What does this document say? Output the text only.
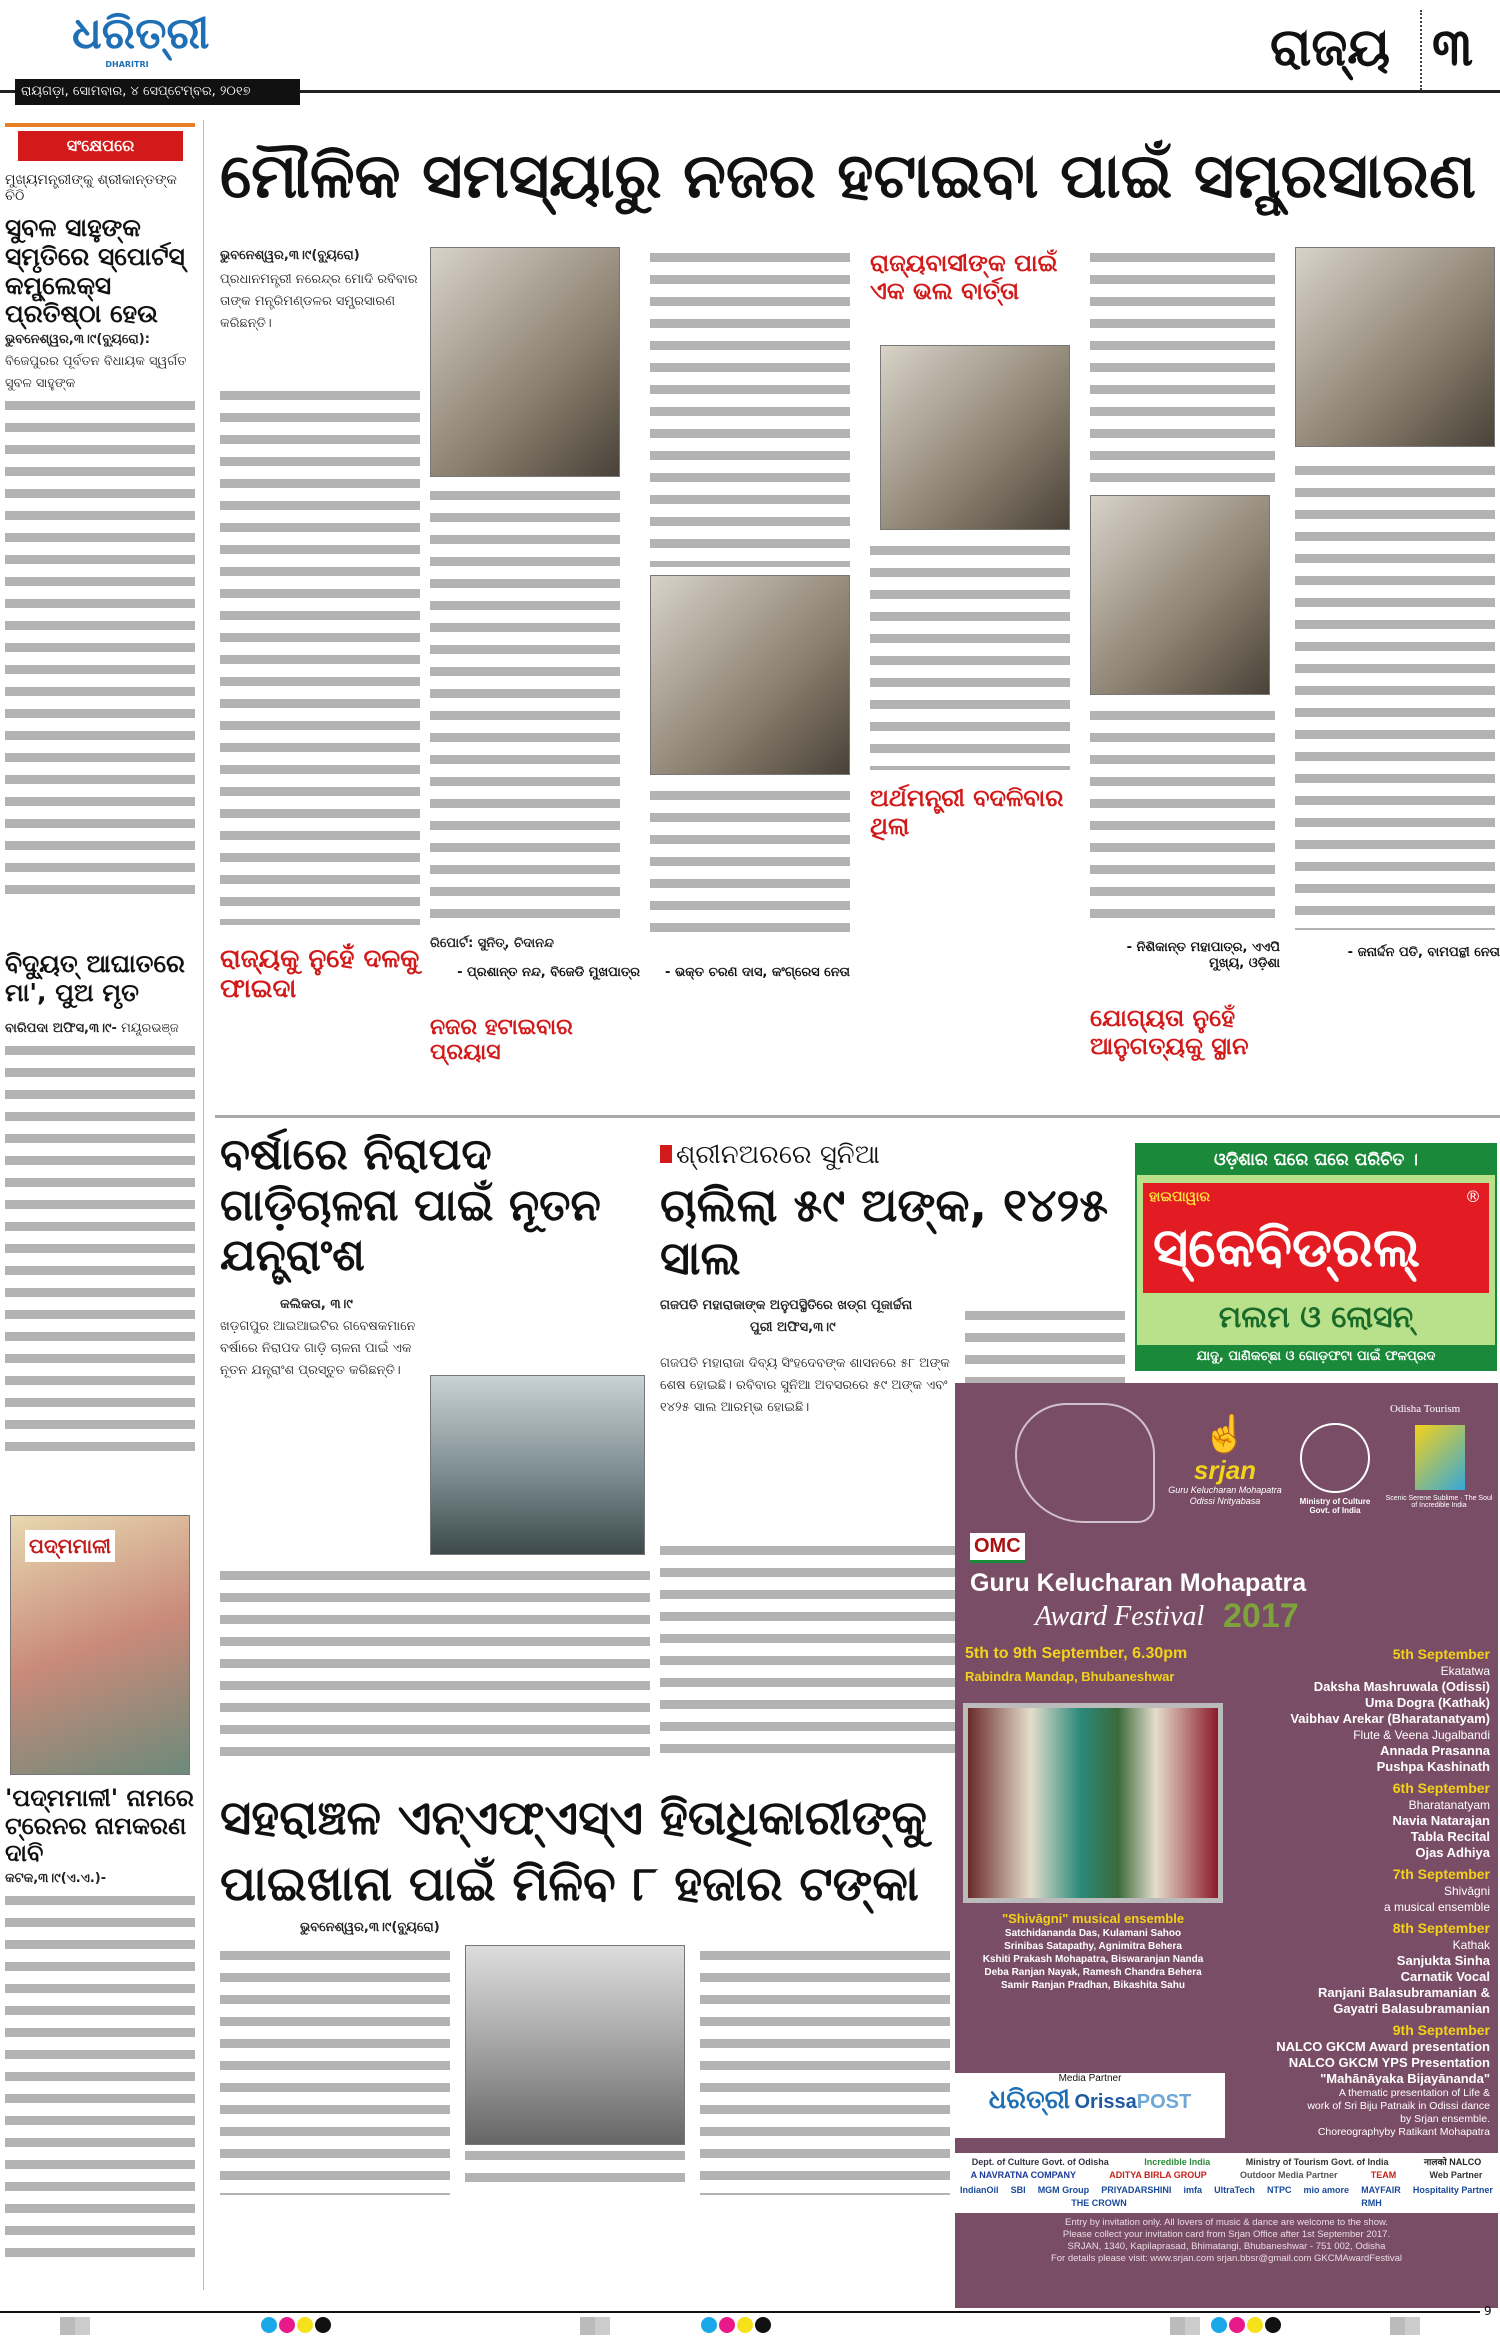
ଧରିତ୍ରୀ
DHARITRI
ରାୟଗଡ଼ା, ସୋମବାର, ୪ ସେପ୍ଟେମ୍ବର, ୨୦୧୭
ରାଜ୍ୟ ୩
ସଂକ୍ଷେପରେ
ମୁଖ୍ୟମନ୍ତ୍ରୀଙ୍କୁ ଶ୍ରୀକାନ୍ତଙ୍କ ଚିଠି
ସୁବଳ ସାହୁଙ୍କ ସ୍ମୃତିରେ ସ୍ପୋର୍ଟସ୍ କମ୍ପ୍ଲେକ୍ସ ପ୍ରତିଷ୍ଠା ହେଉ
ଭୁବନେଶ୍ୱର,୩।୯(ବ୍ୟୁରୋ): ବିଜେପୁରର ପୂର୍ବତନ ବିଧାୟକ ସ୍ୱର୍ଗତ ସୁବଳ ସାହୁଙ୍କ
ବିଦ୍ୟୁତ୍ ଆଘାତରେ ମା', ପୁଅ ମୃତ
ବାରିପଦା ଅଫିସ,୩।୯- ମୟୂରଭଞ୍ଜ
ପଦ୍ମମାଳୀ
'ପଦ୍ମମାଳୀ' ନାମରେ ଟ୍ରେନର ନାମକରଣ ଦାବି
କଟକ,୩।୯(ଏ.ଏ.)-
ମୌଳିକ ସମସ୍ୟାରୁ ନଜର ହଟାଇବା ପାଇଁ ସମ୍ପ୍ରସାରଣ
ଭୁବନେଶ୍ୱର,୩।୯(ବ୍ୟୁରୋ)
ପ୍ରଧାନମନ୍ତ୍ରୀ ନରେନ୍ଦ୍ର ମୋଦି ରବିବାର ତାଙ୍କ ମନ୍ତ୍ରିମଣ୍ଡଳର ସମ୍ପ୍ରସାରଣ କରିଛନ୍ତି।
ରିପୋର୍ଟ: ସୁନିତ୍, ଚିଦାନନ୍ଦ
ରାଜ୍ୟବାସୀଙ୍କ ପାଇଁ ଏକ ଭଲ ବାର୍ତ୍ତା
ଅର୍ଥମନ୍ତ୍ରୀ ବଦଳିବାର ଥିଲା
ରାଜ୍ୟକୁ ନୁହେଁ ଦଳକୁ ଫାଇଦା
- ପ୍ରଶାନ୍ତ ନନ୍ଦ, ବିଜେଡି ମୁଖପାତ୍ର
ନଜର ହଟାଇବାର ପ୍ରୟାସ
- ଭକ୍ତ ଚରଣ ଦାସ, କଂଗ୍ରେସ ନେତା
- ନିଶିକାନ୍ତ ମହାପାତ୍ର, ଏଏପି ମୁଖ୍ୟ, ଓଡ଼ିଶା
ଯୋଗ୍ୟତା ନୁହେଁ ଆନୁଗତ୍ୟକୁ ସ୍ଥାନ
- ଜନାର୍ଦ୍ଦନ ପତି, ବାମପନ୍ଥୀ ନେତା
ବର୍ଷାରେ ନିରାପଦ ଗାଡ଼ିଚାଳନା ପାଇଁ ନୂତନ ଯନ୍ତ୍ରାଂଶ
କଲିକତା, ୩।୯
ଖଡ଼ଗପୁର ଆଇଆଇଟିର ଗବେଷକମାନେ ବର୍ଷାରେ ନିରାପଦ ଗାଡ଼ି ଚାଳନା ପାଇଁ ଏକ ନୂତନ ଯନ୍ତ୍ରାଂଶ ପ୍ରସ୍ତୁତ କରିଛନ୍ତି।
ଶ୍ରୀନଅରରେ ସୁନିଆ
ଚାଲିଲା ୫୯ ଅଙ୍କ, ୧୪୨୫ ସାଲ
ଗଜପତି ମହାରାଜାଙ୍କ ଅନୁପସ୍ଥିତିରେ ଖଡ୍ଗ ପୂଜାର୍ଚ୍ଚନା
ପୁରୀ ଅଫିସ,୩।୯
ଗଜପତି ମହାରାଜା ଦିବ୍ୟ ସିଂହଦେବଙ୍କ ଶାସନରେ ୫୮ ଅଙ୍କ ଶେଷ ହୋଇଛି। ରବିବାର ସୁନିଆ ଅବସରରେ ୫୯ ଅଙ୍କ ଏବଂ ୧୪୨୫ ସାଲ ଆରମ୍ଭ ହୋଇଛି।
ଓଡ଼ିଶାର ଘରେ ଘରେ ପରିଚିତ ।
ହାଇପାୱାର	®
ସ୍କେବିଡ୍ରଲ୍
ମଲମ ଓ ଲୋସନ୍
ଯାଦୁ, ପାଣିକଚ୍ଛା ଓ ଗୋଡ଼ଫଟା ପାଇଁ ଫଳପ୍ରଦ
ସହରାଞ୍ଚଳ ଏନ୍ଏଫ୍ଏସ୍ଏ ହିତାଧିକାରୀଙ୍କୁ ପାଇଖାନା ପାଇଁ ମିଳିବ ୮ ହଜାର ଟଙ୍କା
ଭୁବନେଶ୍ୱର,୩।୯(ବ୍ୟୁରୋ)
☝
srjan
Guru Kelucharan Mohapatra Odissi Nrityabasa	Ministry of Culture Govt. of India
Odisha Tourism
Scenic Serene Sublime · The Soul of Incredible India
OMC
Guru Kelucharan Mohapatra
Award Festival 2017
5th to 9th September, 6.30pm
Rabindra Mandap, Bhubaneshwar
5th September
Ekatatwa
Daksha Mashruwala (Odissi)
Uma Dogra (Kathak)
Vaibhav Arekar (Bharatanatyam)
Flute & Veena Jugalbandi
Annada Prasanna
Pushpa Kashinath
6th September
Bharatanatyam
Navia Natarajan
Tabla Recital
Ojas Adhiya
7th September
Shivāgni
a musical ensemble
8th September
Kathak
Sanjukta Sinha
Carnatik Vocal
Ranjani Balasubramanian &
Gayatri Balasubramanian
9th September
NALCO GKCM Award presentation
NALCO GKCM YPS Presentation
"Shivāgni" musical ensemble
Satchidananda Das, Kulamani Sahoo
Srinibas Satapathy, Agnimitra Behera
Kshiti Prakash Mohapatra, Biswaranjan Nanda
Deba Ranjan Nayak, Ramesh Chandra Behera
Samir Ranjan Pradhan, Bikashita Sahu
Media Partner
ଧରିତ୍ରୀ OrissaPOST
"Mahānāyaka Bijayānanda"
A thematic presentation of Life &
work of Sri Biju Patnaik in Odissi dance
by Srjan ensemble.
Choreographyby Ratikant Mohapatra
Dept. of Culture Govt. of Odisha	Incredible India	Ministry of Tourism Govt. of India	नालको NALCO
A NAVRATNA COMPANY	ADITYA BIRLA GROUP	Outdoor Media Partner	TEAM	Web Partner
IndianOil SBI MGM Group PRIYADARSHINI imfa UltraTech NTPC mio amore MAYFAIR Hospitality Partner
THE CROWN	RMH
Entry by invitation only. All lovers of music & dance are welcome to the show.
Please collect your invitation card from Srjan Office after 1st September 2017.
SRJAN, 1340, Kapilaprasad, Bhimatangi, Bhubaneshwar - 751 002, Odisha
For details please visit: www.srjan.com srjan.bbsr@gmail.com GKCMAwardFestival
9
